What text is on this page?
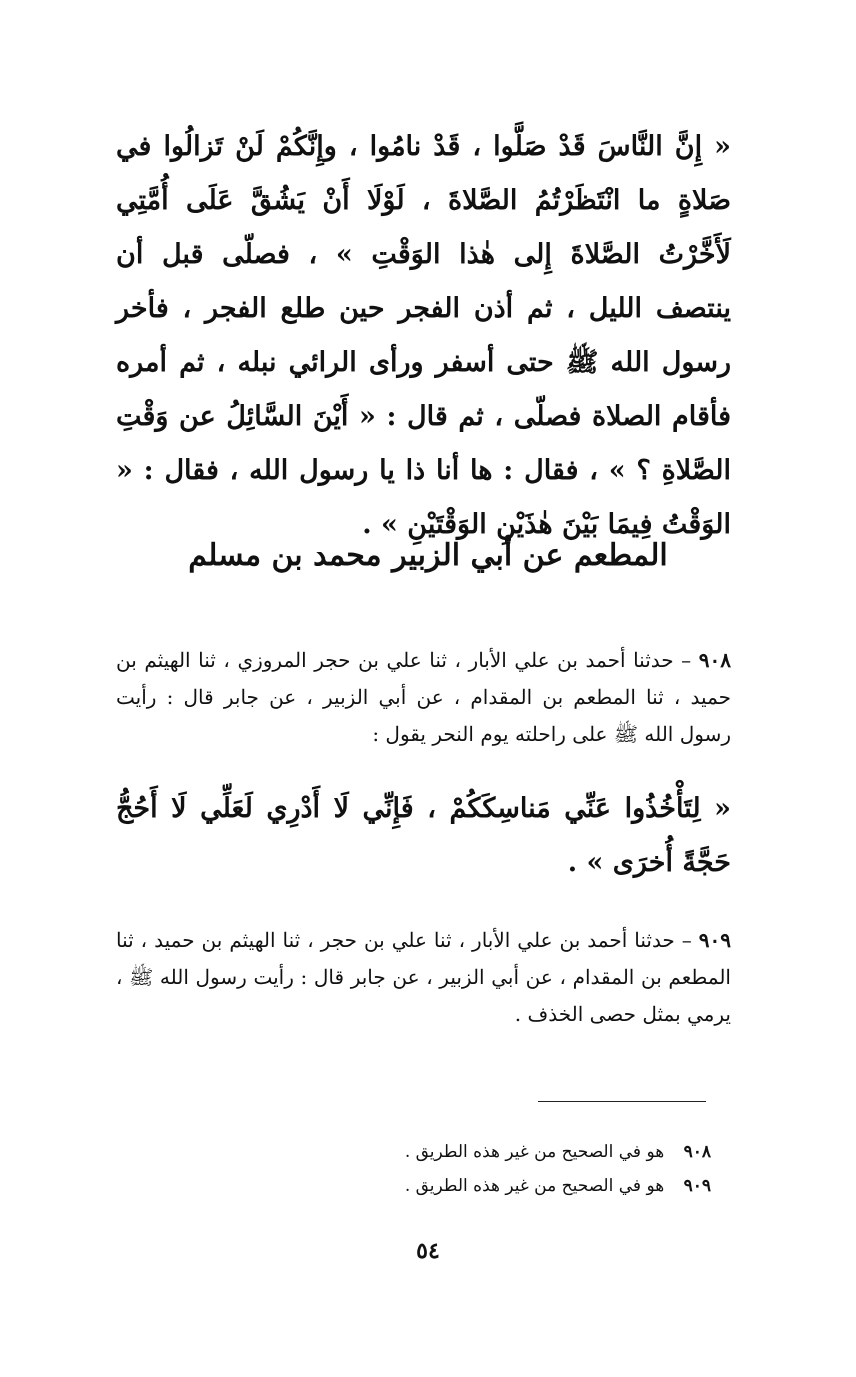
« إِنَّ النَّاسَ قَدْ صَلَّوا ، قَدْ نامُوا ، وإِنَّكُمْ لَنْ تَزالُوا في صَلاةٍ ما انْتَظَرْتُمُ الصَّلاةَ ، لَوْلَا أَنْ يَشُقَّ عَلَى أُمَّتِي لَأَخَّرْتُ الصَّلاةَ إِلى هٰذا الوَقْتِ » ، فصلّى قبل أن ينتصف الليل ، ثم أذن الفجر حين طلع الفجر ، فأخر رسول الله ﷺ حتى أسفر ورأى الرائي نبله ، ثم أمره فأقام الصلاة فصلّى ، ثم قال : « أَيْنَ السَّائِلُ عن وَقْتِ الصَّلاةِ ؟ » ، فقال : ها أنا ذا يا رسول الله ، فقال : « الوَقْتُ فِيمَا بَيْنَ هٰذَيْنِ الوَقْتَيْنِ » .

المطعم عن أبي الزبير محمد بن مسلم

٩٠٨ – حدثنا أحمد بن علي الأبار ، ثنا علي بن حجر المروزي ، ثنا الهيثم بن حميد ، ثنا المطعم بن المقدام ، عن أبي الزبير ، عن جابر قال : رأيت رسول الله ﷺ على راحلته يوم النحر يقول :

« لِتَأْخُذُوا عَنِّي مَناسِكَكُمْ ، فَإِنِّي لَا أَدْرِي لَعَلِّي لَا أَحُجُّ حَجَّةً أُخرَى » .

٩٠٩ – حدثنا أحمد بن علي الأبار ، ثنا علي بن حجر ، ثنا الهيثم بن حميد ، ثنا المطعم بن المقدام ، عن أبي الزبير ، عن جابر قال : رأيت رسول الله ﷺ ، يرمي بمثل حصى الخذف .

٩٠٨ هو في الصحيح من غير هذه الطريق .
٩٠٩ هو في الصحيح من غير هذه الطريق .
٥٤
